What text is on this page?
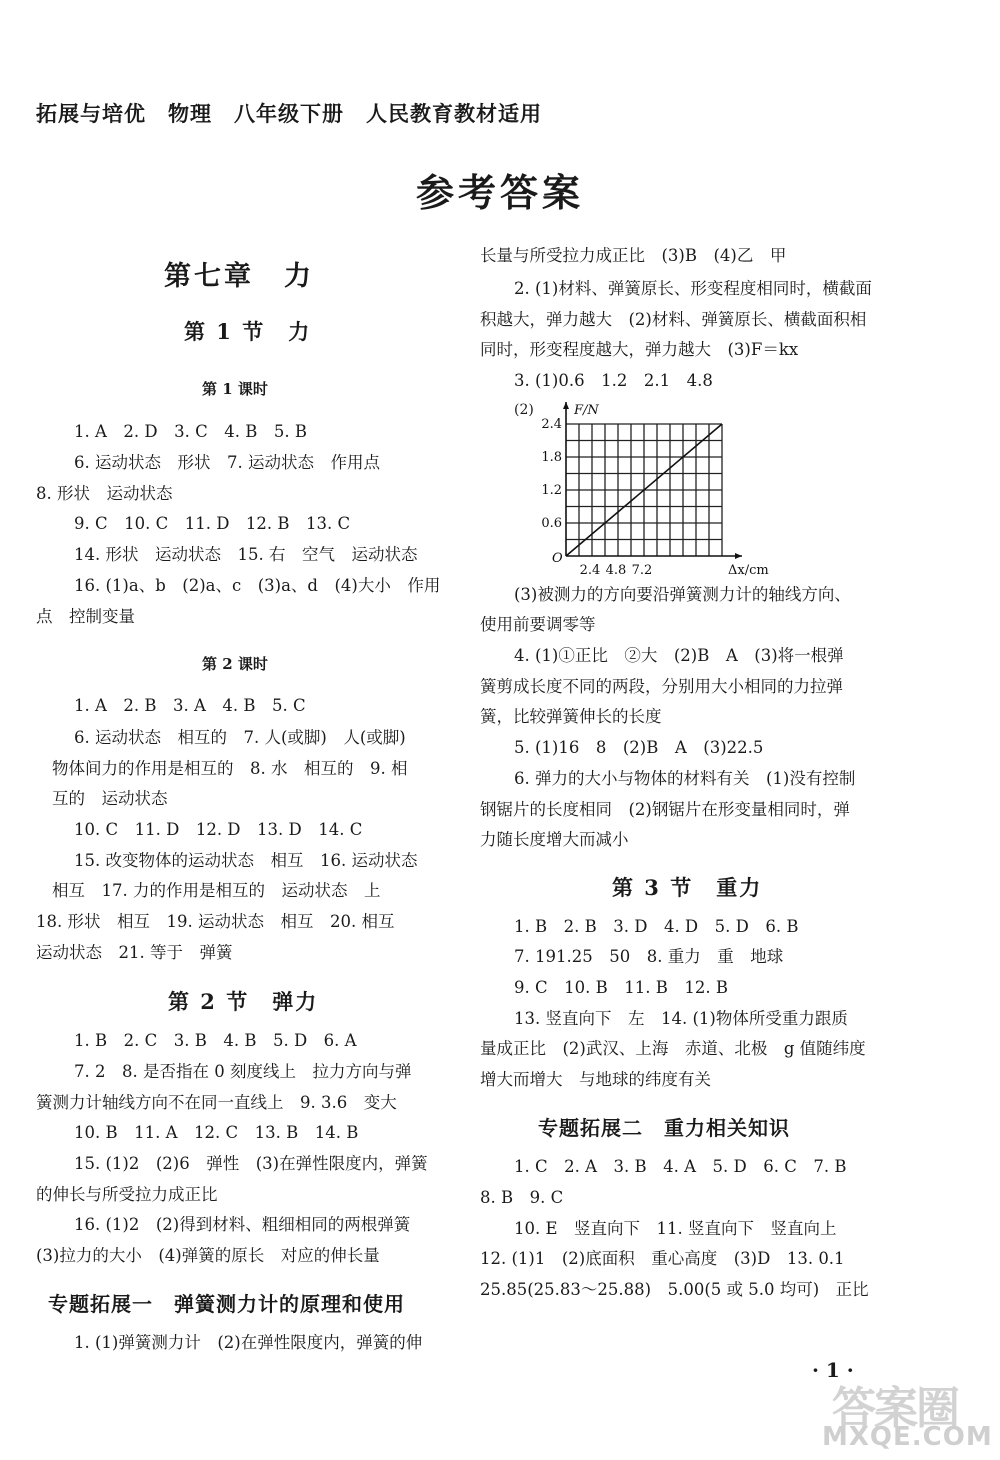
拓展与培优　物理　八年级下册　人民教育教材适用
参考答案
第七章　力
第 1 节　力
第 1 课时
1. A　2. D　3. C　4. B　5. B
6. 运动状态　形状　7. 运动状态　作用点
8. 形状　运动状态
9. C　10. C　11. D　12. B　13. C
14. 形状　运动状态　15. 右　空气　运动状态
16. (1)a、b　(2)a、c　(3)a、d　(4)大小　作用
点　控制变量
第 2 课时
1. A　2. B　3. A　4. B　5. C
6. 运动状态　相互的　7. 人(或脚)　人(或脚)
物体间力的作用是相互的　8. 水　相互的　9. 相
互的　运动状态
10. C　11. D　12. D　13. D　14. C
15. 改变物体的运动状态　相互　16. 运动状态
相互　17. 力的作用是相互的　运动状态　上
18. 形状　相互　19. 运动状态　相互　20. 相互
运动状态　21. 等于　弹簧
第 2 节　弹力
1. B　2. C　3. B　4. B　5. D　6. A
7. 2　8. 是否指在 0 刻度线上　拉力方向与弹
簧测力计轴线方向不在同一直线上　9. 3.6　变大
10. B　11. A　12. C　13. B　14. B
15. (1)2　(2)6　弹性　(3)在弹性限度内，弹簧
的伸长与所受拉力成正比
16. (1)2　(2)得到材料、粗细相同的两根弹簧
(3)拉力的大小　(4)弹簧的原长　对应的伸长量
专题拓展一　弹簧测力计的原理和使用
1. (1)弹簧测力计　(2)在弹性限度内，弹簧的伸
长量与所受拉力成正比　(3)B　(4)乙　甲
2. (1)材料、弹簧原长、形变程度相同时，横截面
积越大，弹力越大　(2)材料、弹簧原长、横截面积相
同时，形变程度越大，弹力越大　(3)F＝kx
3. (1)0.6　1.2　2.1　4.8
(2)
2.4 4.8 7.2
0.6
1.2
1.8
2.4
O
F/N
Δx/cm
(3)被测力的方向要沿弹簧测力计的轴线方向、
使用前要调零等
4. (1)①正比　②大　(2)B　A　(3)将一根弹
簧剪成长度不同的两段，分别用大小相同的力拉弹
簧，比较弹簧伸长的长度
5. (1)16　8　(2)B　A　(3)22.5
6. 弹力的大小与物体的材料有关　(1)没有控制
钢锯片的长度相同　(2)钢锯片在形变量相同时，弹
力随长度增大而减小
第 3 节　重力
1. B　2. B　3. D　4. D　5. D　6. B
7. 191.25　50　8. 重力　重　地球
9. C　10. B　11. B　12. B
13. 竖直向下　左　14. (1)物体所受重力跟质
量成正比　(2)武汉、上海　赤道、北极　g 值随纬度
增大而增大　与地球的纬度有关
专题拓展二　重力相关知识
1. C　2. A　3. B　4. A　5. D　6. C　7. B
8. B　9. C
10. E　竖直向下　11. 竖直向下　竖直向上
12. (1)1　(2)底面积　重心高度　(3)D　13. 0.1
25.85(25.83～25.88)　5.00(5 或 5.0 均可)　正比
· 1 ·
答案圈
MXQE.COM
